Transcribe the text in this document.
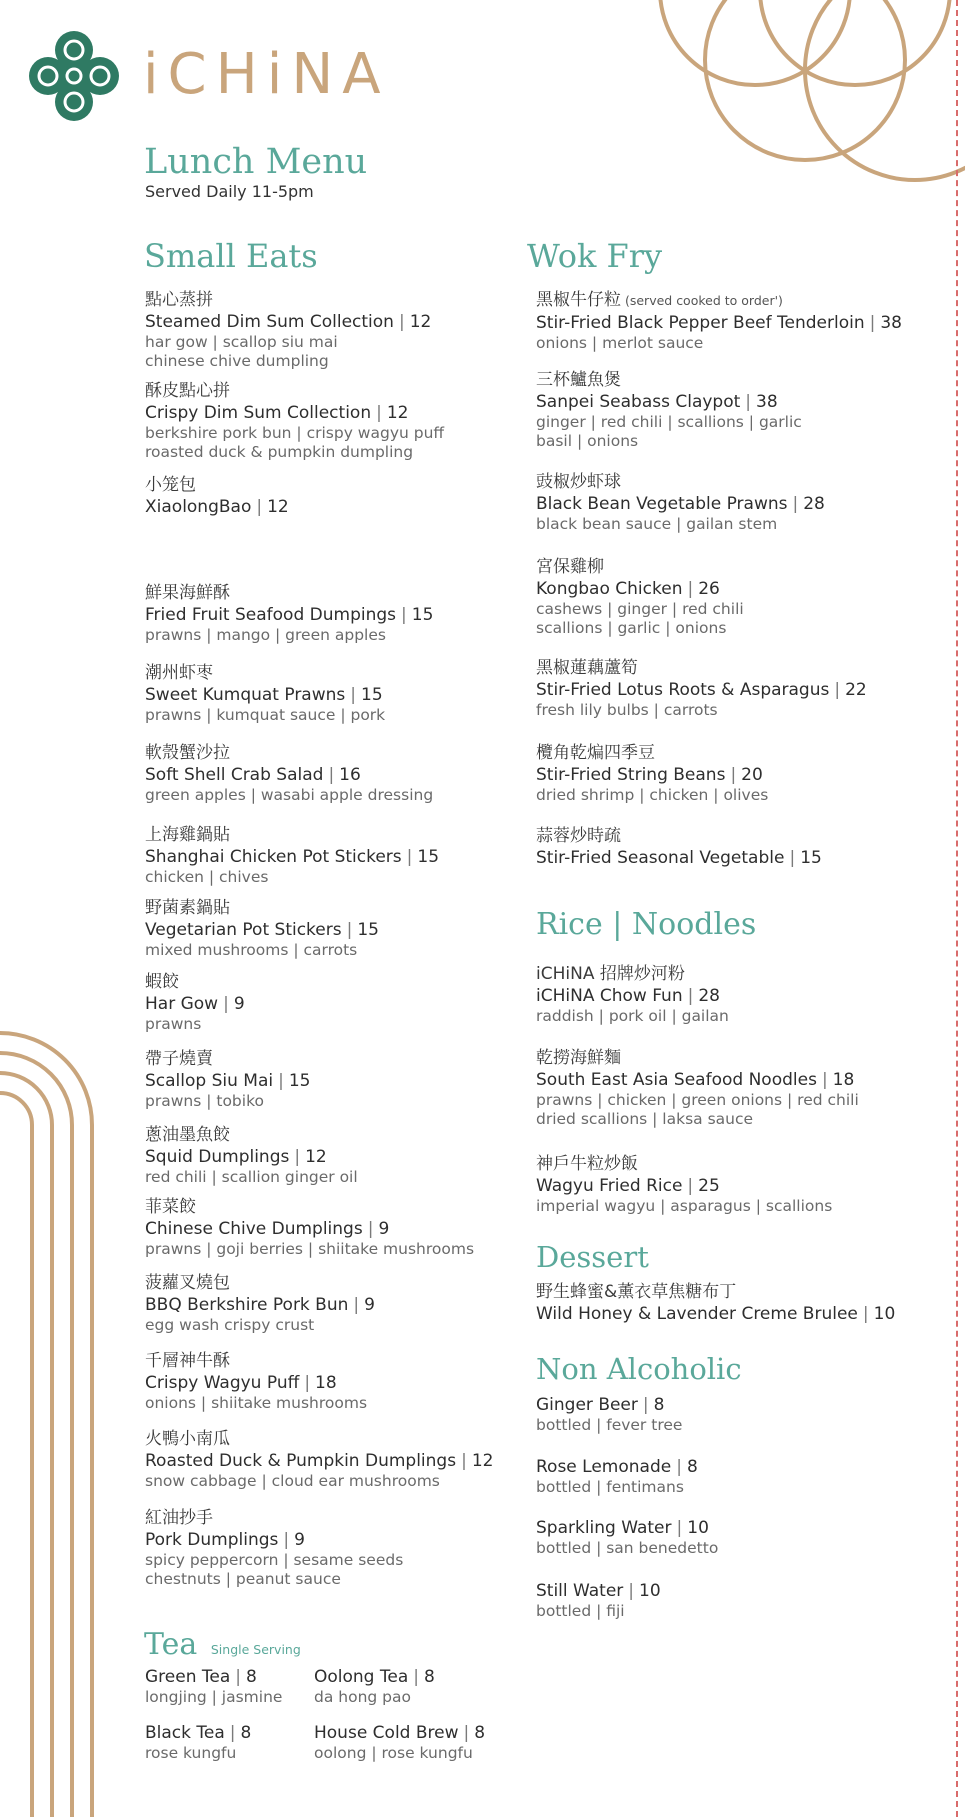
iCHiNA
Lunch Menu
Served Daily 11-5pm
Small Eats
點心蒸拼
Steamed Dim Sum Collection | 12
har gow | scallop siu mai
chinese chive dumpling
酥皮點心拼
Crispy Dim Sum Collection | 12
berkshire pork bun | crispy wagyu puff
roasted duck & pumpkin dumpling
小笼包
XiaolongBao | 12
鮮果海鮮酥
Fried Fruit Seafood Dumpings | 15
prawns | mango | green apples
潮州虾枣
Sweet Kumquat Prawns | 15
prawns | kumquat sauce | pork
軟殼蟹沙拉
Soft Shell Crab Salad | 16
green apples | wasabi apple dressing
上海雞鍋貼
Shanghai Chicken Pot Stickers | 15
chicken | chives
野菌素鍋貼
Vegetarian Pot Stickers | 15
mixed mushrooms | carrots
蝦餃
Har Gow | 9
prawns
帶子燒賣
Scallop Siu Mai | 15
prawns | tobiko
蔥油墨魚餃
Squid Dumplings | 12
red chili | scallion ginger oil
菲菜餃
Chinese Chive Dumplings | 9
prawns | goji berries | shiitake mushrooms
菠蘿叉燒包
BBQ Berkshire Pork Bun | 9
egg wash crispy crust
千層神牛酥
Crispy Wagyu Puff | 18
onions | shiitake mushrooms
火鴨小南瓜
Roasted Duck & Pumpkin Dumplings | 12
snow cabbage | cloud ear mushrooms
紅油抄手
Pork Dumplings | 9
spicy peppercorn | sesame seeds
chestnuts | peanut sauce
Tea Single Serving
Green Tea | 8
longjing | jasmine
Oolong Tea | 8
da hong pao
Black Tea | 8
rose kungfu
House Cold Brew | 8
oolong | rose kungfu
Wok Fry
黑椒牛仔粒 (served cooked to order')
Stir-Fried Black Pepper Beef Tenderloin | 38
onions | merlot sauce
三杯鱸魚煲
Sanpei Seabass Claypot | 38
ginger | red chili | scallions | garlic
basil | onions
豉椒炒虾球
Black Bean Vegetable Prawns | 28
black bean sauce | gailan stem
宮保雞柳
Kongbao Chicken | 26
cashews | ginger | red chili
scallions | garlic | onions
黑椒蓮藕蘆筍
Stir-Fried Lotus Roots & Asparagus | 22
fresh lily bulbs | carrots
欖角乾煸四季豆
Stir-Fried String Beans | 20
dried shrimp | chicken | olives
蒜蓉炒時疏
Stir-Fried Seasonal Vegetable | 15
Rice | Noodles
iCHiNA 招牌炒河粉
iCHiNA Chow Fun | 28
raddish | pork oil | gailan
乾撈海鮮麵
South East Asia Seafood Noodles | 18
prawns | chicken | green onions | red chili
dried scallions | laksa sauce
神戶牛粒炒飯
Wagyu Fried Rice | 25
imperial wagyu | asparagus | scallions
Dessert
野生蜂蜜&薰衣草焦糖布丁
Wild Honey & Lavender Creme Brulee | 10
Non Alcoholic
Ginger Beer | 8
bottled | fever tree
Rose Lemonade | 8
bottled | fentimans
Sparkling Water | 10
bottled | san benedetto
Still Water | 10
bottled | fiji
